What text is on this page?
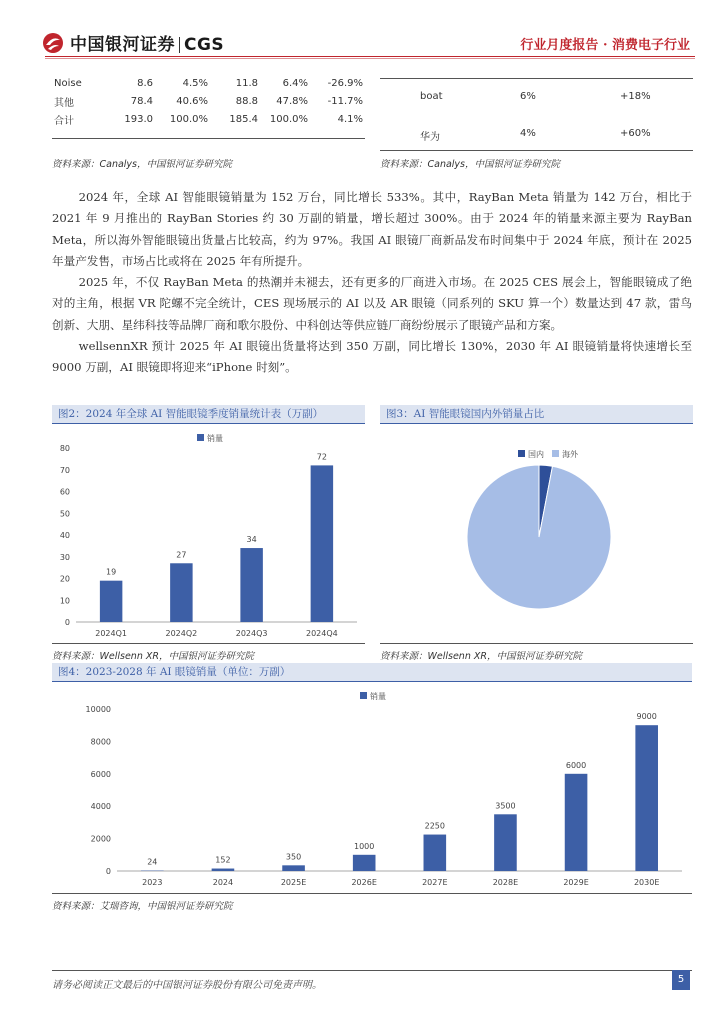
中国银河证券 CGS	行业月度报告 · 消费电子行业
Noise	8.6	4.5%	11.8	6.4%	-26.9%
其他	78.4	40.6%	88.8	47.8%	-11.7%
合计	193.0	100.0%	185.4	100.0%	4.1%
资料来源：Canalys，中国银河证券研究院
boat	6%	+18%
华为	4%	+60%
资料来源：Canalys，中国银河证券研究院

2024 年，全球 AI 智能眼镜销量为 152 万台，同比增长 533%。其中，RayBan Meta 销量为 142 万台，相比于 2021 年 9 月推出的 RayBan Stories 约 30 万副的销量，增长超过 300%。由于 2024 年的销量来源主要为 RayBan Meta，所以海外智能眼镜出货量占比较高，约为 97%。我国 AI 眼镜厂商新品发布时间集中于 2024 年底，预计在 2025 年量产发售，市场占比或将在 2025 年有所提升。

2025 年，不仅 RayBan Meta 的热潮并未褪去，还有更多的厂商进入市场。在 2025 CES 展会上，智能眼镜成了绝对的主角，根据 VR 陀螺不完全统计，CES 现场展示的 AI 以及 AR 眼镜（同系列的 SKU 算一个）数量达到 47 款，雷鸟创新、大朋、星纬科技等品牌厂商和歌尔股份、中科创达等供应链厂商纷纷展示了眼镜产品和方案。

wellsennXR 预计 2025 年 AI 眼镜出货量将达到 350 万副，同比增长 130%，2030 年 AI 眼镜销量将快速增长至 9000 万副，AI 眼镜即将迎来“iPhone 时刻”。

图2：2024 年全球 AI 智能眼镜季度销量统计表（万副）
0
10
20
30
40
50
60
70
80
19
2024Q1
27
2024Q2
34
2024Q3
72
2024Q4
销量
资料来源：Wellsenn XR，中国银河证券研究院
图3：AI 智能眼镜国内外销量占比
国内 海外
资料来源：Wellsenn XR，中国银河证券研究院
图4：2023-2028 年 AI 眼镜销量（单位：万副）
0
2000
4000
6000
8000
10000
24
2023
152
2024
350
2025E
1000
2026E
2250
2027E
3500
2028E
6000
2029E
9000
2030E
销量
资料来源：艾瑞咨询，中国银河证券研究院
请务必阅读正文最后的中国银河证券股份有限公司免责声明。
5
